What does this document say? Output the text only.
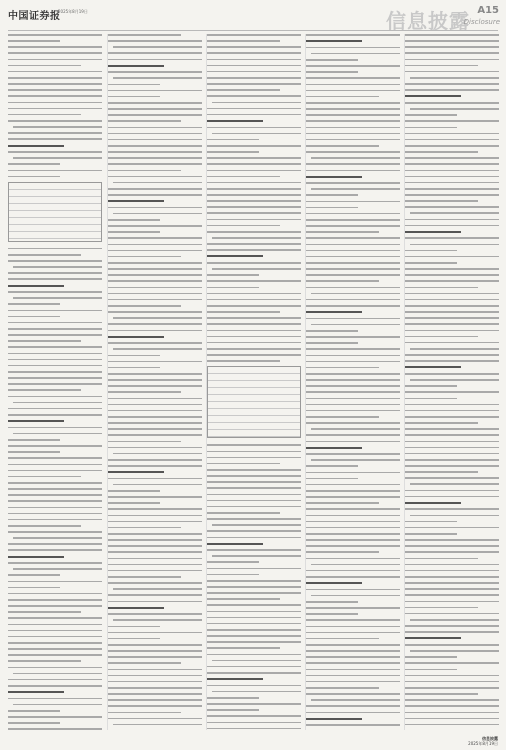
中国证券报
2025年8月19日	信息披露 A15
Disclosure
信息披露
2025年8月19日
